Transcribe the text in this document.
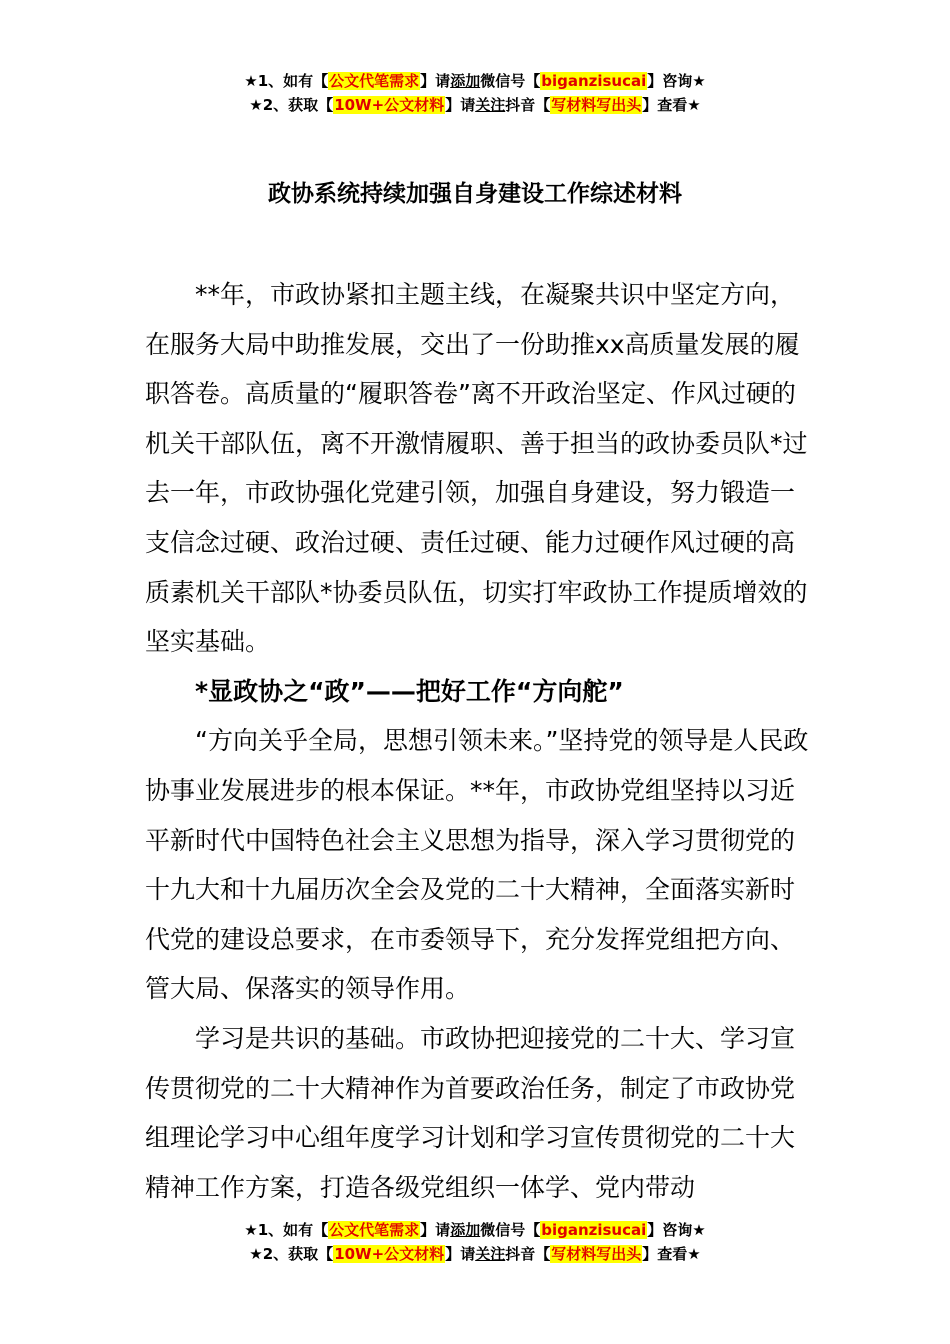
★1、如有【公文代笔需求】请添加微信号【biganzisucai】咨询★
★2、获取【10W+公文材料】请关注抖音【写材料写出头】查看★
政协系统持续加强自身建设工作综述材料

**年，市政协紧扣主题主线，在凝聚共识中坚定方向，在服务大局中助推发展，交出了一份助推xx高质量发展的履职答卷。高质量的“履职答卷”离不开政治坚定、作风过硬的机关干部队伍，离不开激情履职、善于担当的政协委员队*过去一年，市政协强化党建引领，加强自身建设，努力锻造一支信念过硬、政治过硬、责任过硬、能力过硬作风过硬的高质素机关干部队*协委员队伍，切实打牢政协工作提质增效的坚实基础。

*显政协之“政”——把好工作“方向舵”

“方向关乎全局，思想引领未来。”坚持党的领导是人民政协事业发展进步的根本保证。**年，市政协党组坚持以习近平新时代中国特色社会主义思想为指导，深入学习贯彻党的十九大和十九届历次全会及党的二十大精神，全面落实新时代党的建设总要求，在市委领导下，充分发挥党组把方向、管大局、保落实的领导作用。

学习是共识的基础。市政协把迎接党的二十大、学习宣传贯彻党的二十大精神作为首要政治任务，制定了市政协党组理论学习中心组年度学习计划和学习宣传贯彻党的二十大精神工作方案，打造各级党组织一体学、党内带动

★1、如有【公文代笔需求】请添加微信号【biganzisucai】咨询★
★2、获取【10W+公文材料】请关注抖音【写材料写出头】查看★
